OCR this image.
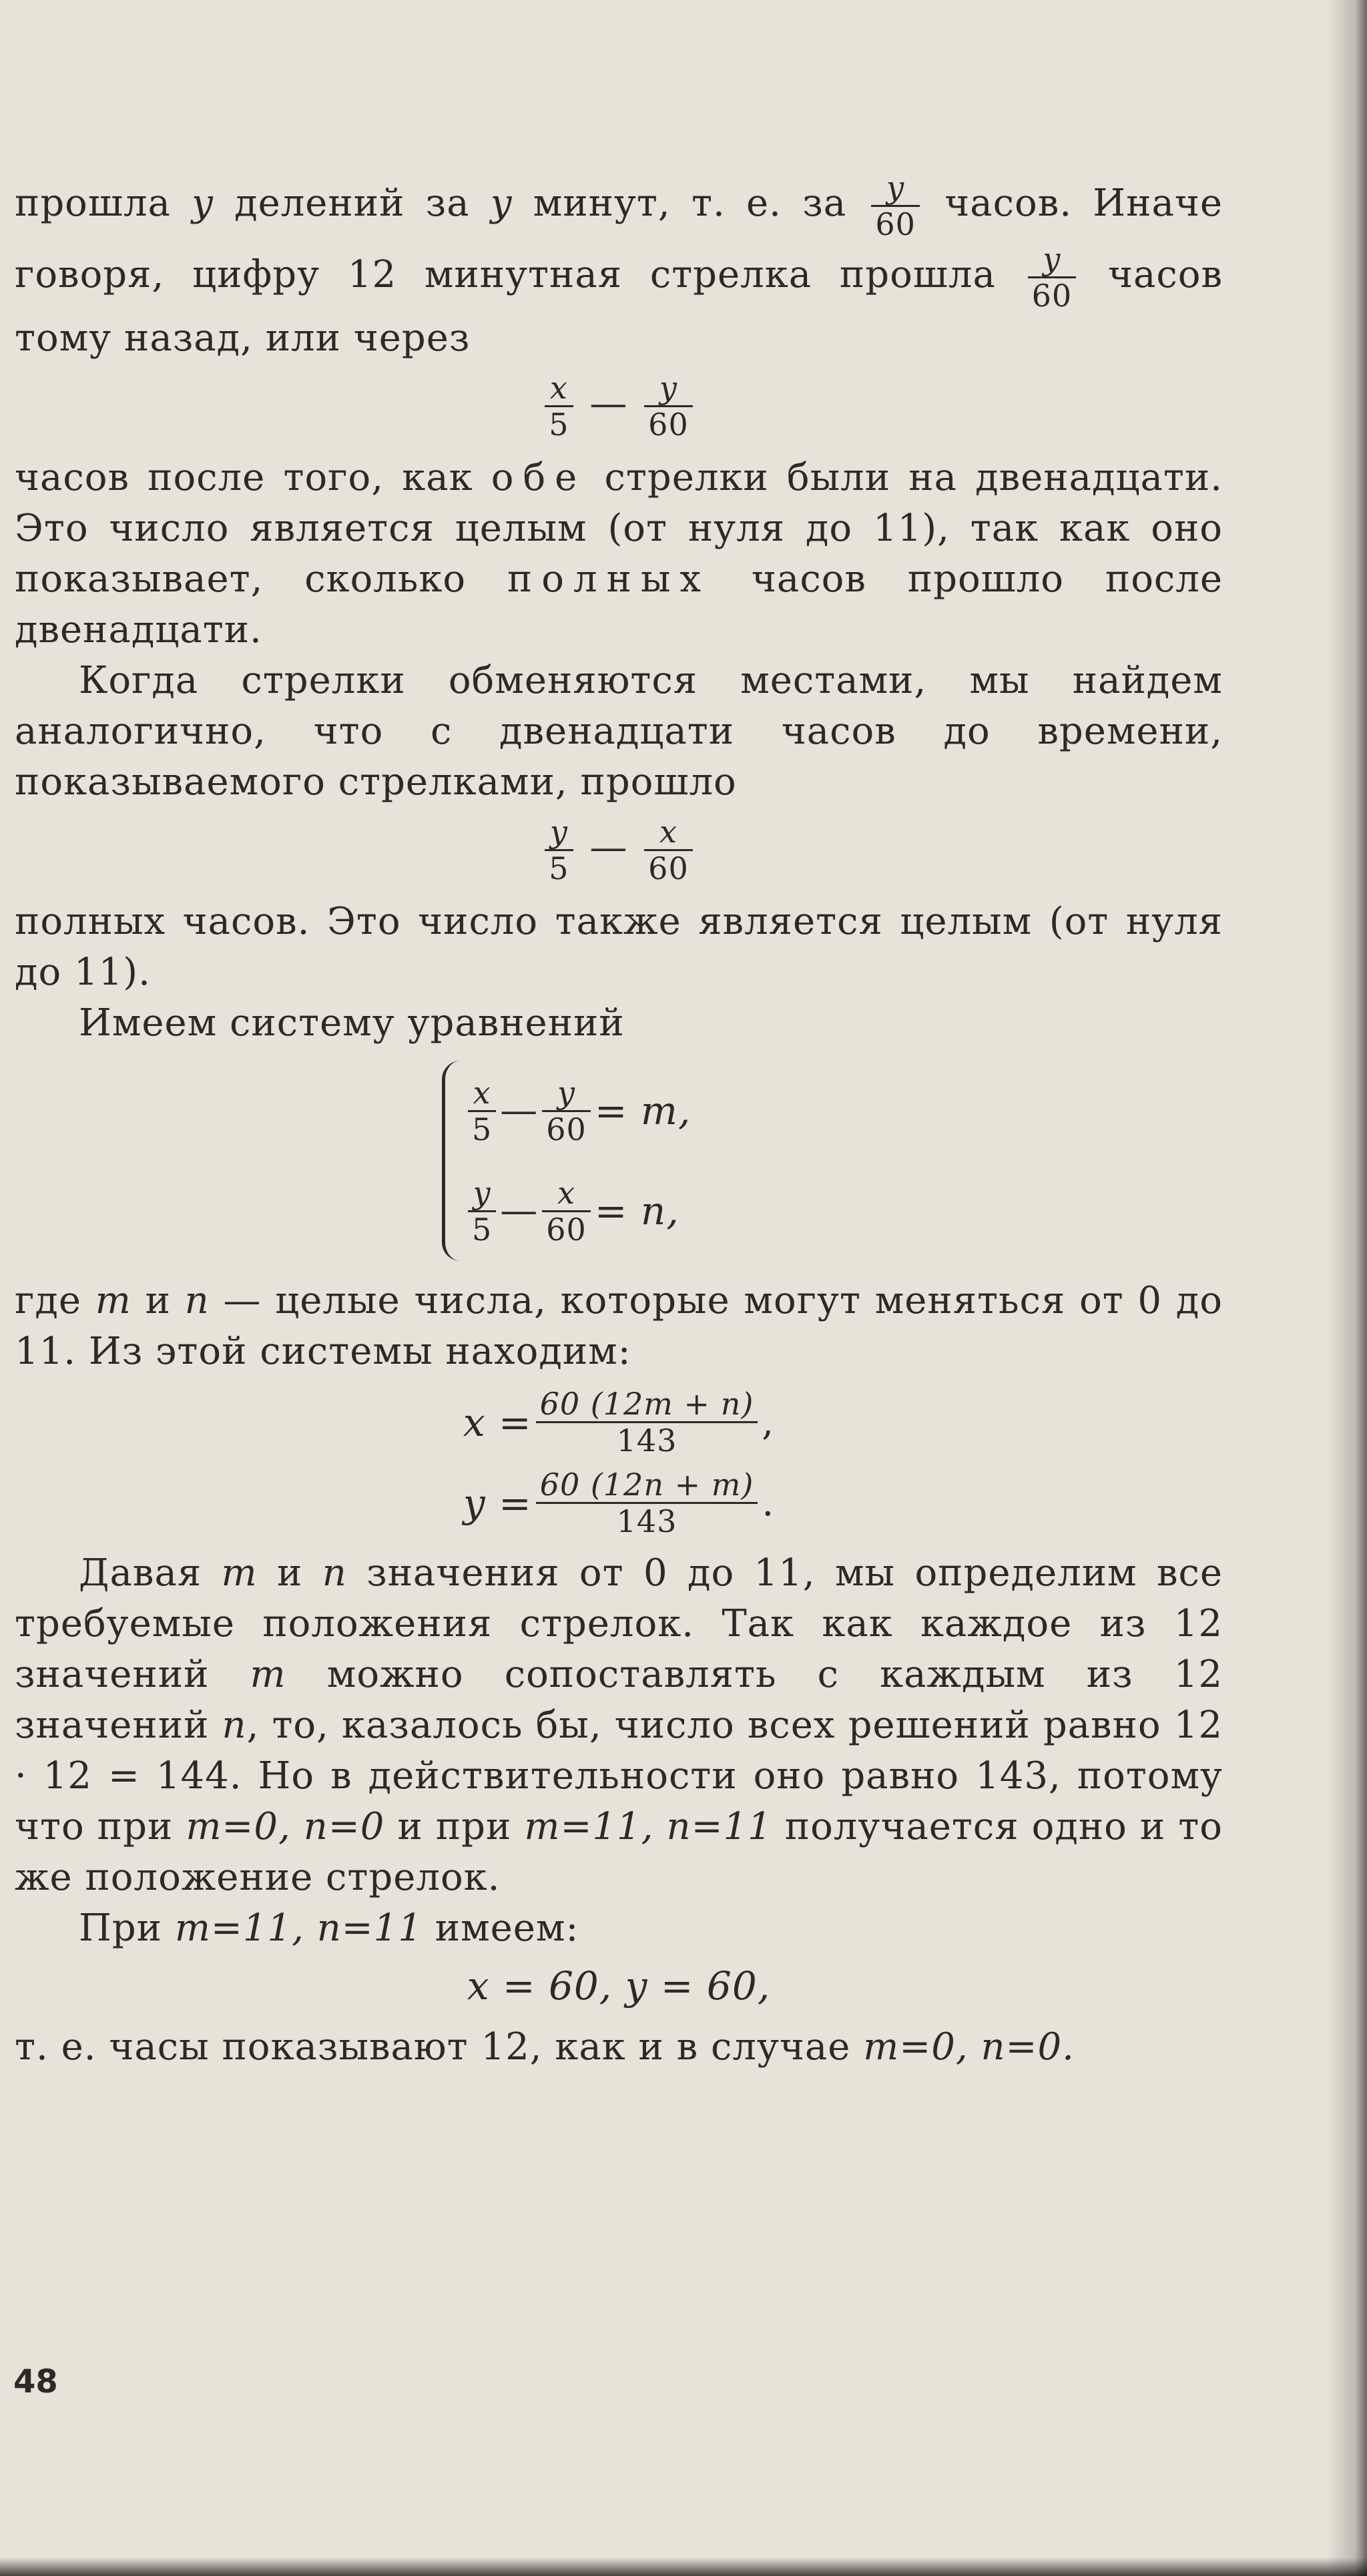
прошла y делений за y минут, т. е. за $\frac{y}{60}$ часов. Иначе говоря, цифру 12 минутная стрелка прошла $\frac{y}{60}$ часов тому назад, или через

$\frac{x}{5}$ — $\frac{y}{60}$

часов после того, как обе стрелки были на двенадцати. Это число является целым (от нуля до 11), так как оно показывает, сколько полных часов прошло после двенадцати.

Когда стрелки обменяются местами, мы найдем аналогично, что с двенадцати часов до времени, показываемого стрелками, прошло

$\frac{y}{5}$ — $\frac{x}{60}$

полных часов. Это число также является целым (от нуля до 11).

Имеем систему уравнений

$\frac{x}{5}$ — $\frac{y}{60} = m$,
$\frac{y}{5}$ — $\frac{x}{60} = n$,

где m и n — целые числа, которые могут меняться от 0 до 11. Из этой системы находим:

$x = \frac{60 (12m + n)}{143}$ ,
$y = \frac{60 (12n + m)}{143}$ .

Давая m и n значения от 0 до 11, мы определим все требуемые положения стрелок. Так как каждое из 12 значений m можно сопоставлять с каждым из 12 значений n, то, казалось бы, число всех решений равно 12 · 12 = 144. Но в действительности оно равно 143, потому что при m=0, n=0 и при m=11, n=11 получается одно и то же положение стрелок.

При m=11, n=11 имеем:

x = 60, y = 60,

т. е. часы показывают 12, как и в случае m=0, n=0.

48
